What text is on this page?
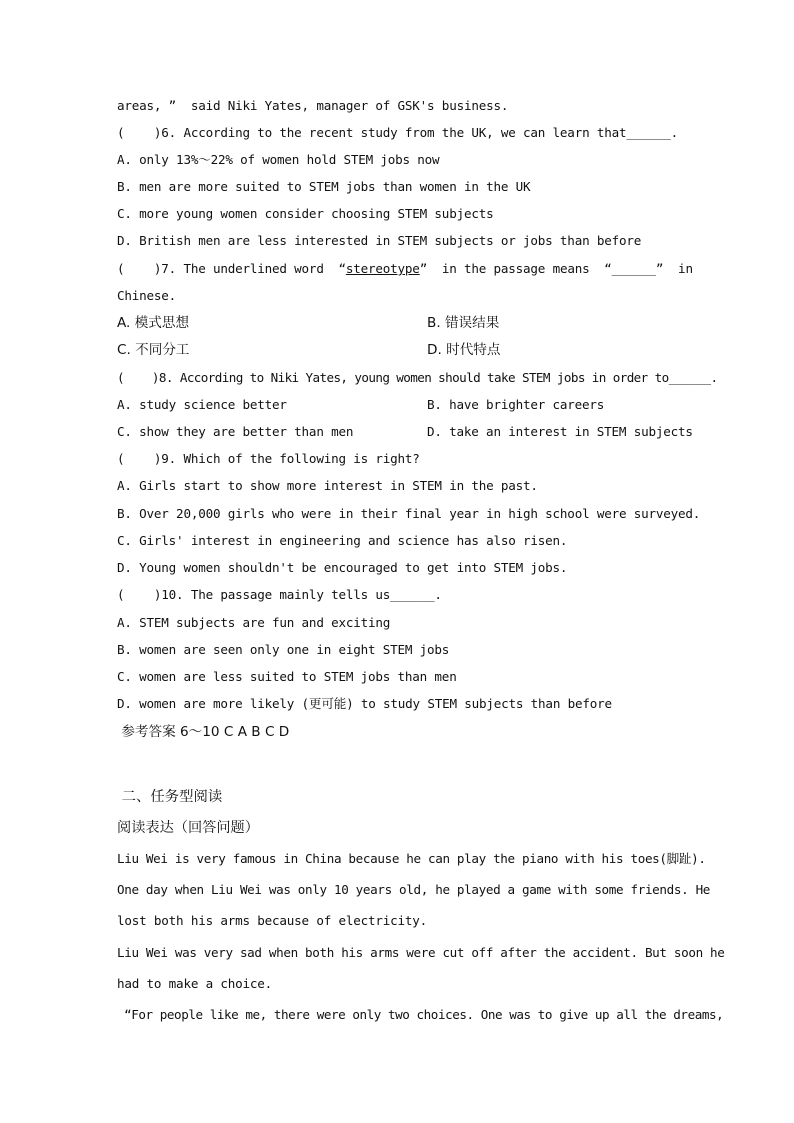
areas, ”  said Niki Yates, manager of GSK's business.
(    )6. According to the recent study from the UK, we can learn that______.
A. only 13%～22% of women hold STEM jobs now
B. men are more suited to STEM jobs than women in the UK
C. more young women consider choosing STEM subjects
D. British men are less interested in STEM subjects or jobs than before
(    )7. The underlined word  “stereotype”  in the passage means  “______”  in
Chinese.
A. 模式思想	B. 错误结果
C. 不同分工	D. 时代特点
(    )8. According to Niki Yates, young women should take STEM jobs in order to______.
A. study science better	B. have brighter careers
C. show they are better than men	D. take an interest in STEM subjects
(    )9. Which of the following is right?
A. Girls start to show more interest in STEM in the past.
B. Over 20,000 girls who were in their final year in high school were surveyed.
C. Girls' interest in engineering and science has also risen.
D. Young women shouldn't be encouraged to get into STEM jobs.
(    )10. The passage mainly tells us______.
A. STEM subjects are fun and exciting
B. women are seen only one in eight STEM jobs
C. women are less suited to STEM jobs than men
D. women are more likely (更可能) to study STEM subjects than before
参考答案 6～10 C A B C D
二、任务型阅读
阅读表达（回答问题）
Liu Wei is very famous in China because he can play the piano with his toes(脚趾).
One day when Liu Wei was only 10 years old, he played a game with some friends. He
lost both his arms because of electricity.
Liu Wei was very sad when both his arms were cut off after the accident. But soon he
had to make a choice.
“For people like me, there were only two choices. One was to give up all the dreams,
